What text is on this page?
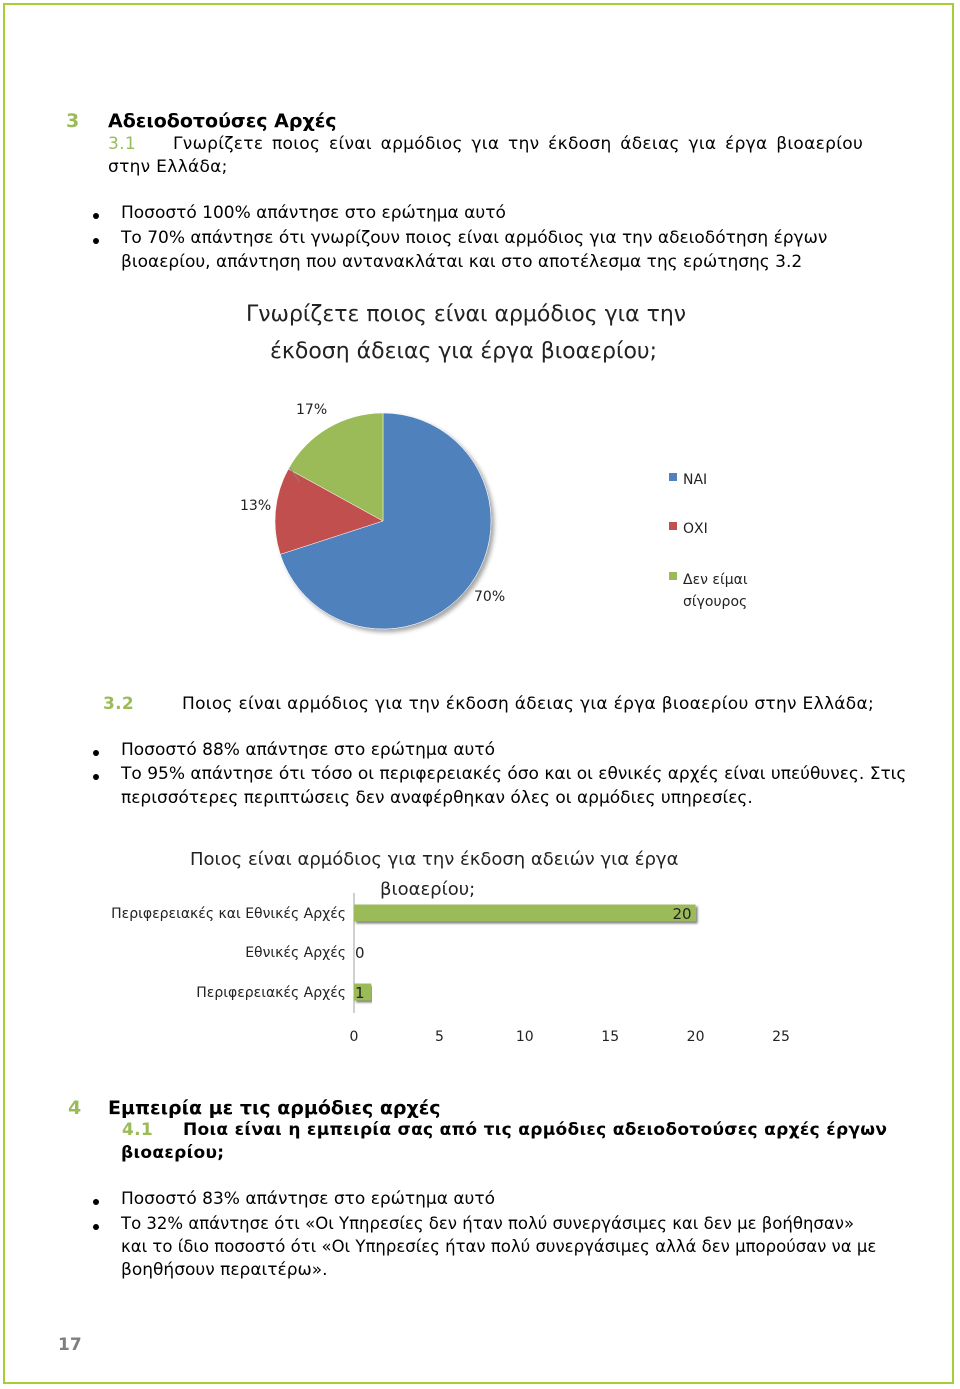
3 Αδειοδοτούσες Αρχές
3.1 Γνωρίζετε ποιος είναι αρμόδιος για την έκδοση άδειας για έργα βιοαερίου
στην Ελλάδα;
Ποσοστό 100% απάντησε στο ερώτημα αυτό
Το 70% απάντησε ότι γνωρίζουν ποιος είναι αρμόδιος για την αδειοδότηση έργων
βιοαερίου, απάντηση που αντανακλάται και στο αποτέλεσμα της ερώτησης 3.2
Γνωρίζετε ποιος είναι αρμόδιος για την
έκδοση άδειας για έργα βιοαερίου;
70%
13%
17%
ΝΑΙ
ΟΧΙ
Δεν είμαι
σίγουρος
3.2	Ποιος είναι αρμόδιος για την έκδοση άδειας για έργα βιοαερίου στην Ελλάδα;
Ποσοστό 88% απάντησε στο ερώτημα αυτό
Το 95% απάντησε ότι τόσο οι περιφερειακές όσο και οι εθνικές αρχές είναι υπεύθυνες. Στις
περισσότερες περιπτώσεις δεν αναφέρθηκαν όλες οι αρμόδιες υπηρεσίες.
Ποιος είναι αρμόδιος για την έκδοση αδειών για έργα
βιοαερίου;
Περιφερειακές και Εθνικές Αρχές	20
Εθνικές Αρχές 0
Περιφερειακές Αρχές 1
0	5	10	15	20	25
4 Εμπειρία με τις αρμόδιες αρχές
4.1 Ποια είναι η εμπειρία σας από τις αρμόδιες αδειοδοτούσες αρχές έργων
βιοαερίου;
Ποσοστό 83% απάντησε στο ερώτημα αυτό
Το 32% απάντησε ότι «Οι Υπηρεσίες δεν ήταν πολύ συνεργάσιμες και δεν με βοήθησαν»
και το ίδιο ποσοστό ότι «Οι Υπηρεσίες ήταν πολύ συνεργάσιμες αλλά δεν μπορούσαν να με
βοηθήσουν περαιτέρω».
17
